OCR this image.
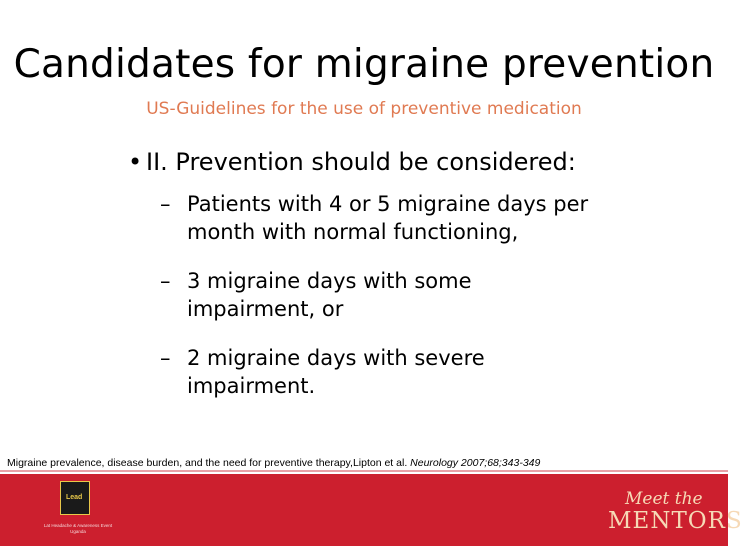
Candidates for migraine prevention
US-Guidelines for the use of preventive medication
• II. Prevention should be considered:
– Patients with 4 or 5 migraine days per month with normal functioning,
– 3 migraine days with some impairment, or
– 2 migraine days with severe impairment.
Migraine prevalence, disease burden, and the need for preventive therapy,Lipton et al. Neurology 2007;68;343-349
Lead
Lat Headache & Awareness Event Uganda
Meet the
MENTORS
